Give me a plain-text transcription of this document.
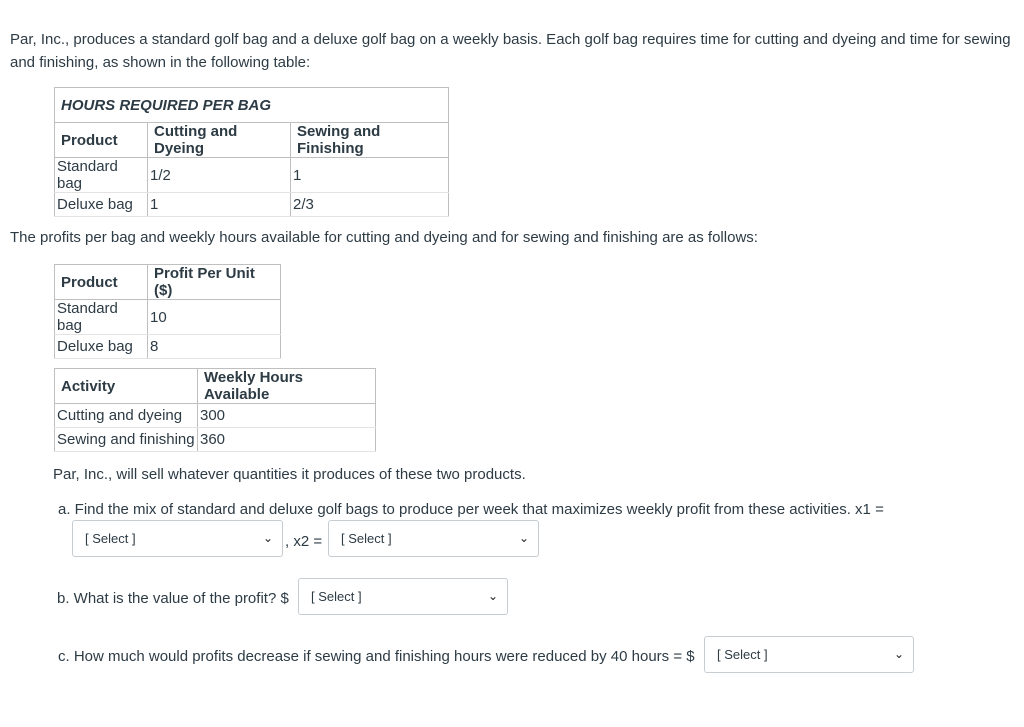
Par, Inc., produces a standard golf bag and a deluxe golf bag on a weekly basis. Each golf bag requires time for cutting and dyeing and time for sewing and finishing, as shown in the following table:

HOURS REQUIRED PER BAG		
Product	Cutting and Dyeing	Sewing and Finishing
Standard bag	1/2	1
Deluxe bag	1	2/3

The profits per bag and weekly hours available for cutting and dyeing and for sewing and finishing are as follows:

Product	Profit Per Unit ($)
Standard bag	10
Deluxe bag	8
Activity	Weekly Hours Available
Cutting and dyeing	300
Sewing and finishing	360

Par, Inc., will sell whatever quantities it produces of these two products.

a. Find the mix of standard and deluxe golf bags to produce per week that maximizes weekly profit from these activities. x1 =

[ Select ]	⌄ , x2 =	[ Select ]	⌄

b. What is the value of the profit? $	[ Select ]	⌄

c. How much would profits decrease if sewing and finishing hours were reduced by 40 hours = $	[ Select ]	⌄
